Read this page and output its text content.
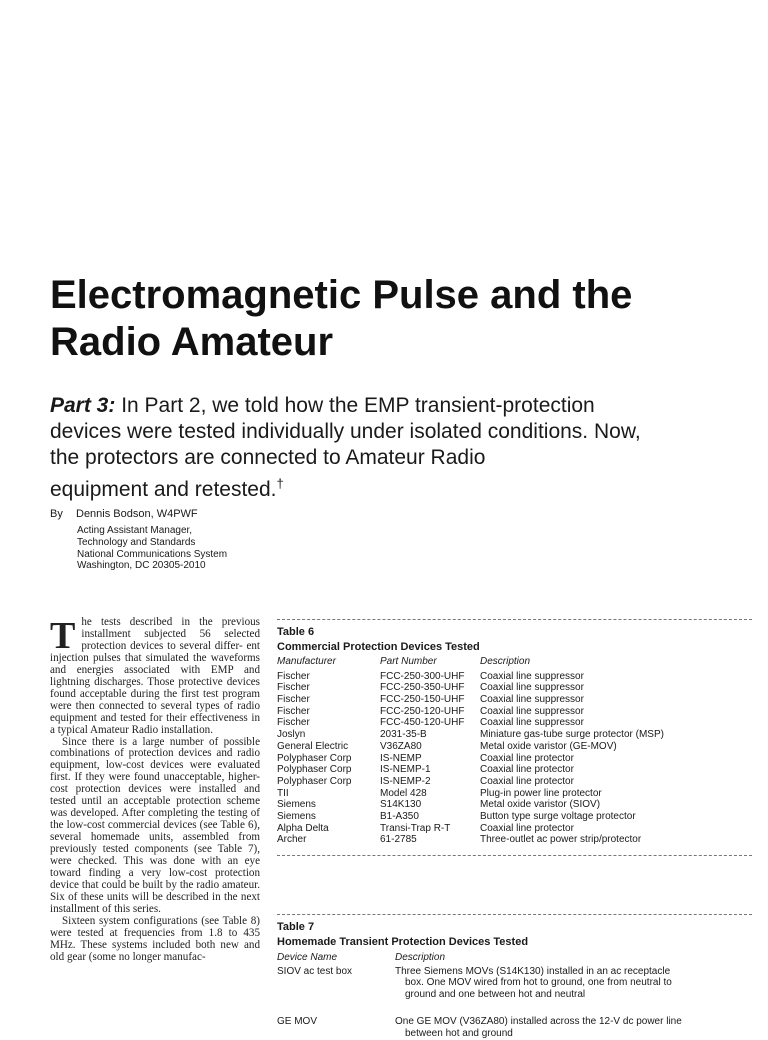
Electromagnetic Pulse and the
Radio Amateur
Part 3: In Part 2, we told how the EMP transient-protection
devices were tested individually under isolated conditions. Now,
the protectors are connected to Amateur Radio
equipment and retested.†
By Dennis Bodson, W4PWF
Acting Assistant Manager,
Technology and Standards
National Communications System
Washington, DC 20305-2010

T he tests described in the previous installment subjected 56 selected protection devices to several differ- ent injection pulses that simulated the waveforms and energies associated with EMP and lightning discharges. Those protective devices found acceptable during the first test program were then connected to several types of radio equipment and tested for their effectiveness in a typical Amateur Radio installation.

Since there is a large number of possible combinations of protection devices and radio equipment, low-cost devices were evaluated first. If they were found unacceptable, higher-cost protection devices were installed and tested until an acceptable protection scheme was developed. After completing the testing of the low-cost commercial devices (see Table 6), several homemade units, assembled from previously tested components (see Table 7), were checked. This was done with an eye toward finding a very low-cost protection device that could be built by the radio amateur. Six of these units will be described in the next installment of this series.

Sixteen system configurations (see Table 8) were tested at frequencies from 1.8 to 435 MHz. These systems included both new and old gear (some no longer manufac-

Table 6
Commercial Protection Devices Tested
Manufacturer	Part Number	Description
Fischer	FCC-250-300-UHF	Coaxial line suppressor
Fischer	FCC-250-350-UHF	Coaxial line suppressor
Fischer	FCC-250-150-UHF	Coaxial line suppressor
Fischer	FCC-250-120-UHF	Coaxial line suppressor
Fischer	FCC-450-120-UHF	Coaxial line suppressor
Joslyn	2031-35-B	Miniature gas-tube surge protector (MSP)
General Electric	V36ZA80	Metal oxide varistor (GE-MOV)
Polyphaser Corp	IS-NEMP	Coaxial line protector
Polyphaser Corp	IS-NEMP-1	Coaxial line protector
Polyphaser Corp	IS-NEMP-2	Coaxial line protector
TII	Model 428	Plug-in power line protector
Siemens	S14K130	Metal oxide varistor (SIOV)
Siemens	B1-A350	Button type surge voltage protector
Alpha Delta	Transi-Trap R-T	Coaxial line protector
Archer	61-2785	Three-outlet ac power strip/protector
Table 7
Homemade Transient Protection Devices Tested
Device Name	Description
SIOV ac test box	Three Siemens MOVs (S14K130) installed in an ac receptacle
box. One MOV wired from hot to ground, one from neutral to
ground and one between hot and neutral
GE MOV	One GE MOV (V36ZA80) installed across the 12-V dc power line
between hot and ground
